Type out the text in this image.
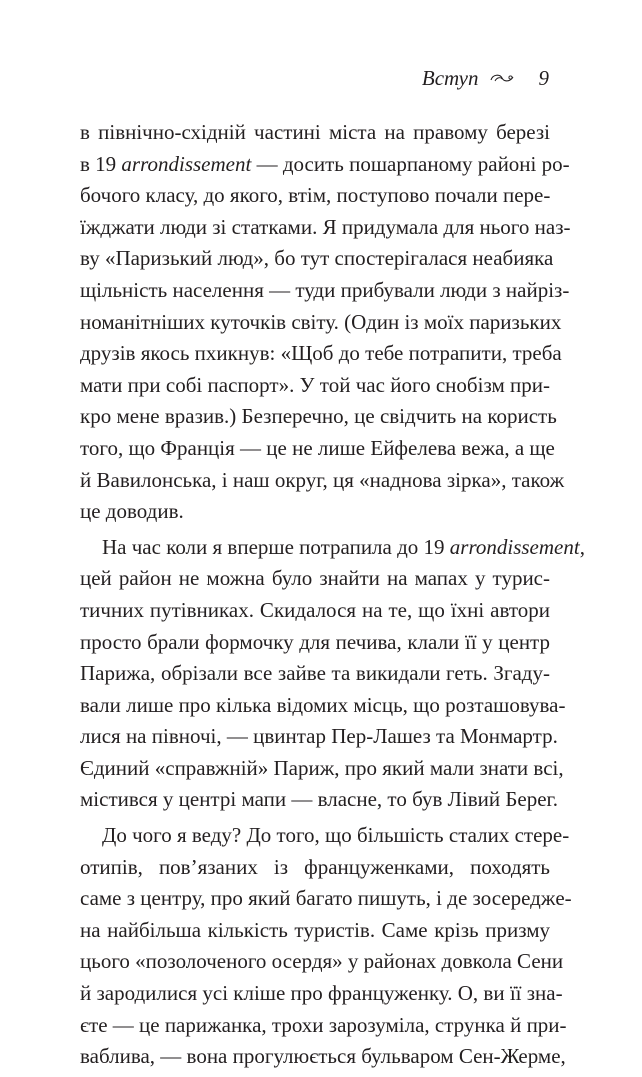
Вступ	9
в північно-східній частині міста на правому березі
в 19 arrondissement — досить пошарпаному районі ро-
бочого класу, до якого, втім, поступово почали пере-
їжджати люди зі статками. Я придумала для нього наз-
ву «Паризький люд», бо тут спостерігалася неабияка
щільність населення — туди прибували люди з найріз-
номанітніших куточків світу. (Один із моїх паризьких
друзів якось пхикнув: «Щоб до тебе потрапити, треба
мати при собі паспорт». У той час його снобізм при-
кро мене вразив.) Безперечно, це свідчить на користь
того, що Франція — це не лише Ейфелева вежа, а ще
й Вавилонська, і наш округ, ця «наднова зірка», також
це доводив.
На час коли я вперше потрапила до 19 arrondissement,
цей район не можна було знайти на мапах у турис-
тичних путівниках. Скидалося на те, що їхні автори
просто брали формочку для печива, клали її у центр
Парижа, обрізали все зайве та викидали геть. Згаду-
вали лише про кілька відомих місць, що розташовува-
лися на півночі, — цвинтар Пер-Лашез та Монмартр.
Єдиний «справжній» Париж, про який мали знати всі,
містився у центрі мапи — власне, то був Лівий Берег.
До чого я веду? До того, що більшість сталих стере-
отипів, пов’язаних із француженками, походять
саме з центру, про який багато пишуть, і де зосереджe-
на найбільша кількість туристів. Саме крізь призму
цього «позолоченого осердя» у районах довкола Сени
й зародилися усі кліше про француженку. О, ви її зна-
єте — це парижанка, трохи зарозуміла, струнка й при-
ваблива, — вона прогулюється бульваром Сен-Жерме,
